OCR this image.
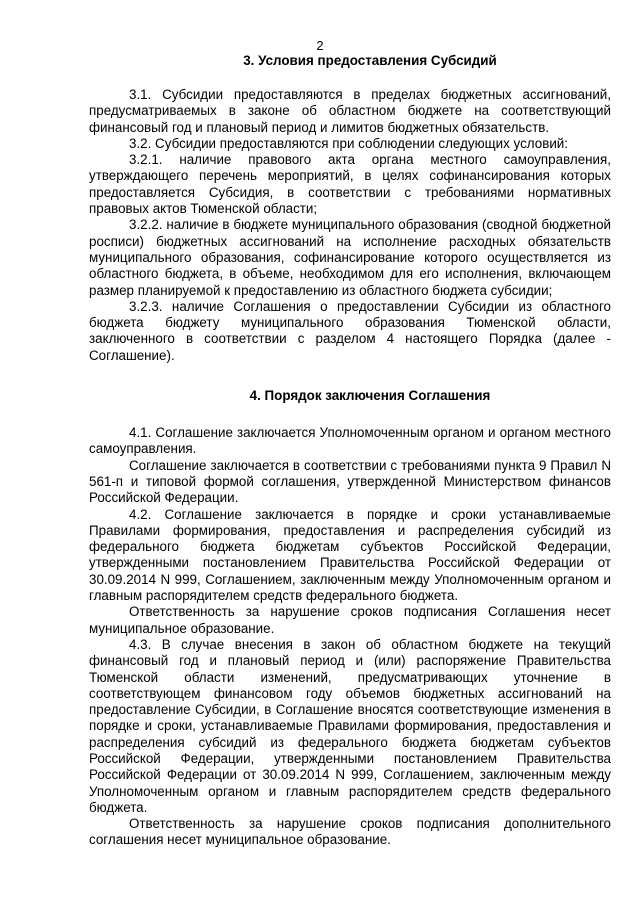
2
3. Условия предоставления Субсидий

3.1. Субсидии предоставляются в пределах бюджетных ассигнований, предусматриваемых в законе об областном бюджете на соответствующий финансовый год и плановый период и лимитов бюджетных обязательств.

3.2. Субсидии предоставляются при соблюдении следующих условий:

3.2.1. наличие правового акта органа местного самоуправления, утверждающего перечень мероприятий, в целях софинансирования которых предоставляется Субсидия, в соответствии с требованиями нормативных правовых актов Тюменской области;

3.2.2. наличие в бюджете муниципального образования (сводной бюджетной росписи) бюджетных ассигнований на исполнение расходных обязательств муниципального образования, софинансирование которого осуществляется из областного бюджета, в объеме, необходимом для его исполнения, включающем размер планируемой к предоставлению из областного бюджета субсидии;

3.2.3. наличие Соглашения о предоставлении Субсидии из областного бюджета бюджету муниципального образования Тюменской области, заключенного в соответствии с разделом 4 настоящего Порядка (далее - Соглашение).

4. Порядок заключения Соглашения

4.1. Соглашение заключается Уполномоченным органом и органом местного самоуправления.

Соглашение заключается в соответствии с требованиями пункта 9 Правил N 561-п и типовой формой соглашения, утвержденной Министерством финансов Российской Федерации.

4.2. Соглашение заключается в порядке и сроки устанавливаемые Правилами формирования, предоставления и распределения субсидий из федерального бюджета бюджетам субъектов Российской Федерации, утвержденными постановлением Правительства Российской Федерации от 30.09.2014 N 999, Соглашением, заключенным между Уполномоченным органом и главным распорядителем средств федерального бюджета.

Ответственность за нарушение сроков подписания Соглашения несет муниципальное образование.

4.3. В случае внесения в закон об областном бюджете на текущий финансовый год и плановый период и (или) распоряжение Правительства Тюменской области изменений, предусматривающих уточнение в соответствующем финансовом году объемов бюджетных ассигнований на предоставление Субсидии, в Соглашение вносятся соответствующие изменения в порядке и сроки, устанавливаемые Правилами формирования, предоставления и распределения субсидий из федерального бюджета бюджетам субъектов Российской Федерации, утвержденными постановлением Правительства Российской Федерации от 30.09.2014 N 999, Соглашением, заключенным между Уполномоченным органом и главным распорядителем средств федерального бюджета.

Ответственность за нарушение сроков подписания дополнительного соглашения несет муниципальное образование.
